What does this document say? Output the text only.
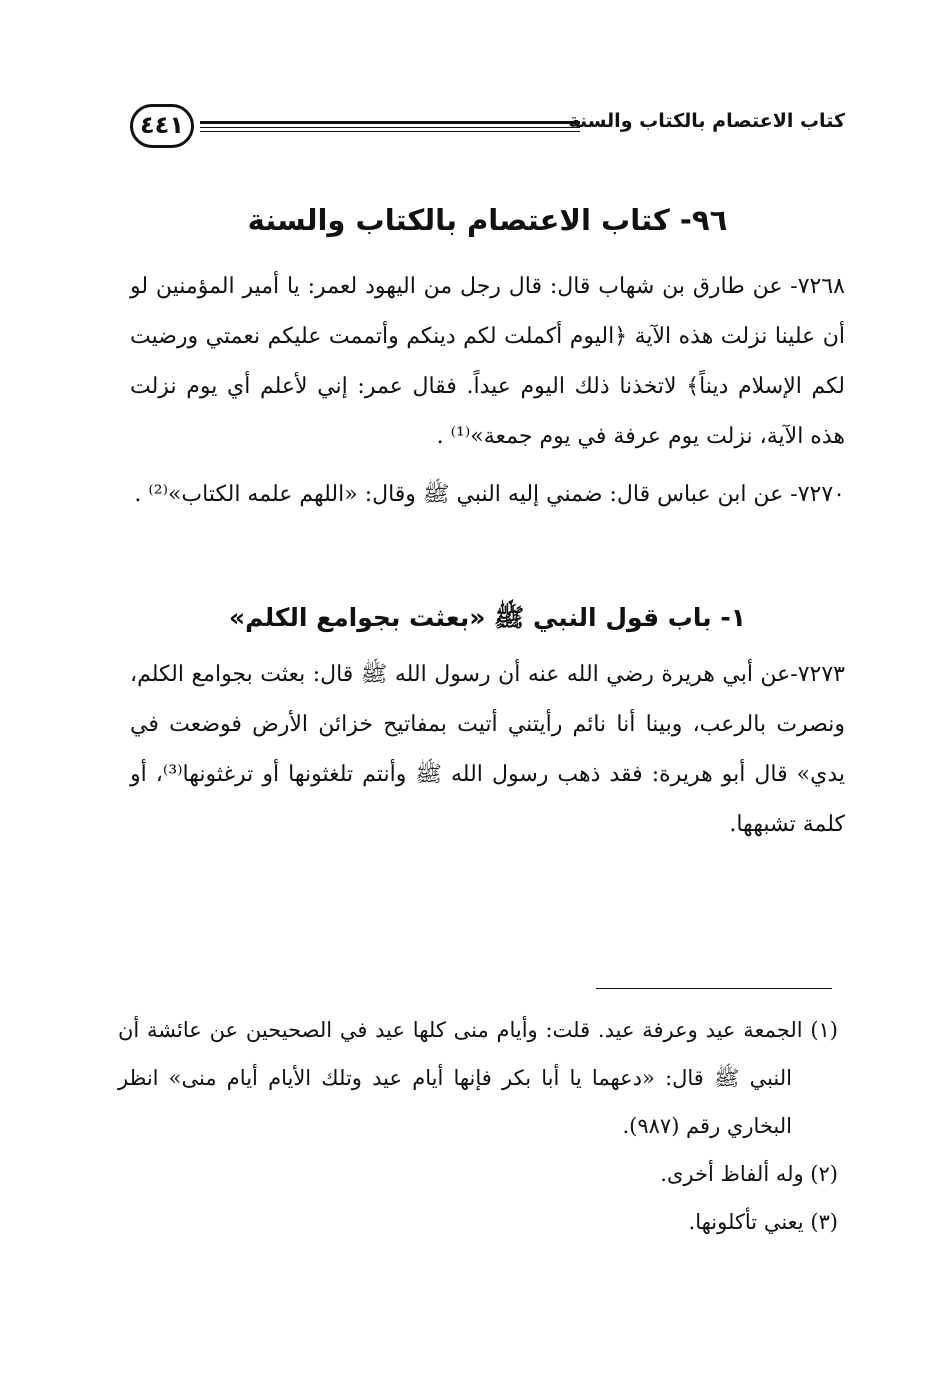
كتاب الاعتصام بالكتاب والسنة
٤٤١
٩٦- كتاب الاعتصام بالكتاب والسنة

٧٢٦٨- عن طارق بن شهاب قال: قال رجل من اليهود لعمر: يا أمير المؤمنين لو أن علينا نزلت هذه الآية ﴿اليوم أكملت لكم دينكم وأتممت عليكم نعمتي ورضيت لكم الإسلام ديناً﴾ لاتخذنا ذلك اليوم عيداً. فقال عمر: إني لأعلم أي يوم نزلت هذه الآية، نزلت يوم عرفة في يوم جمعة»⁽¹⁾ .

٧٢٧٠- عن ابن عباس قال: ضمني إليه النبي ﷺ وقال: «اللهم علمه الكتاب»⁽²⁾ .

١- باب قول النبي ﷺ «بعثت بجوامع الكلم»

٧٢٧٣-عن أبي هريرة رضي الله عنه أن رسول الله ﷺ قال: بعثت بجوامع الكلم، ونصرت بالرعب، وبينا أنا نائم رأيتني أتيت بمفاتيح خزائن الأرض فوضعت في يدي» قال أبو هريرة: فقد ذهب رسول الله ﷺ وأنتم تلغثونها أو ترغثونها⁽³⁾، أو كلمة تشبهها.

(١) الجمعة عيد وعرفة عيد. قلت: وأيام منى كلها عيد في الصحيحين عن عائشة أن النبي ﷺ قال: «دعهما يا أبا بكر فإنها أيام عيد وتلك الأيام أيام منى» انظر البخاري رقم (٩٨٧).

(٢) وله ألفاظ أخرى.

(٣) يعني تأكلونها.
